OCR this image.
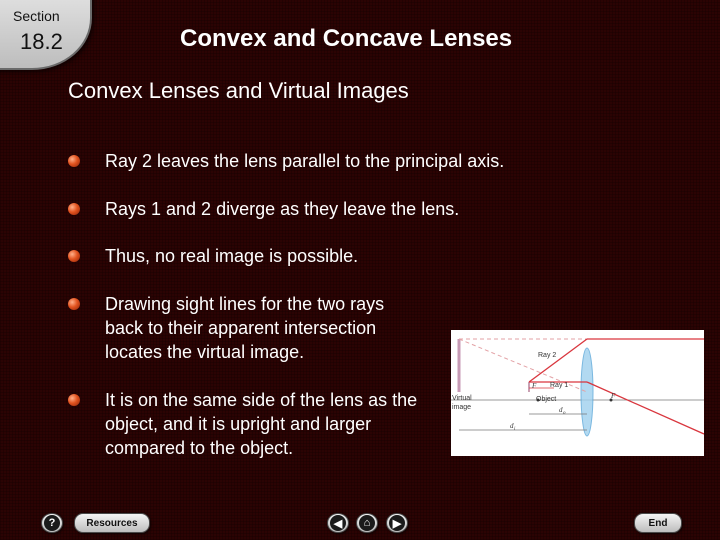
Section
18.2	Convex and Concave Lenses
Convex Lenses and Virtual Images
Ray 2 leaves the lens parallel to the principal axis.
Rays 1 and 2 diverge as they leave the lens.
Thus, no real image is possible.
Drawing sight lines for the two rays back to their apparent intersection locates the virtual image.
It is on the same side of the lens as the object, and it is upright and larger compared to the object.
Ray 2
Ray 1
F
F
Object
Virtual
image	d o
d i
?	Resources	◀	⌂	▶	End
